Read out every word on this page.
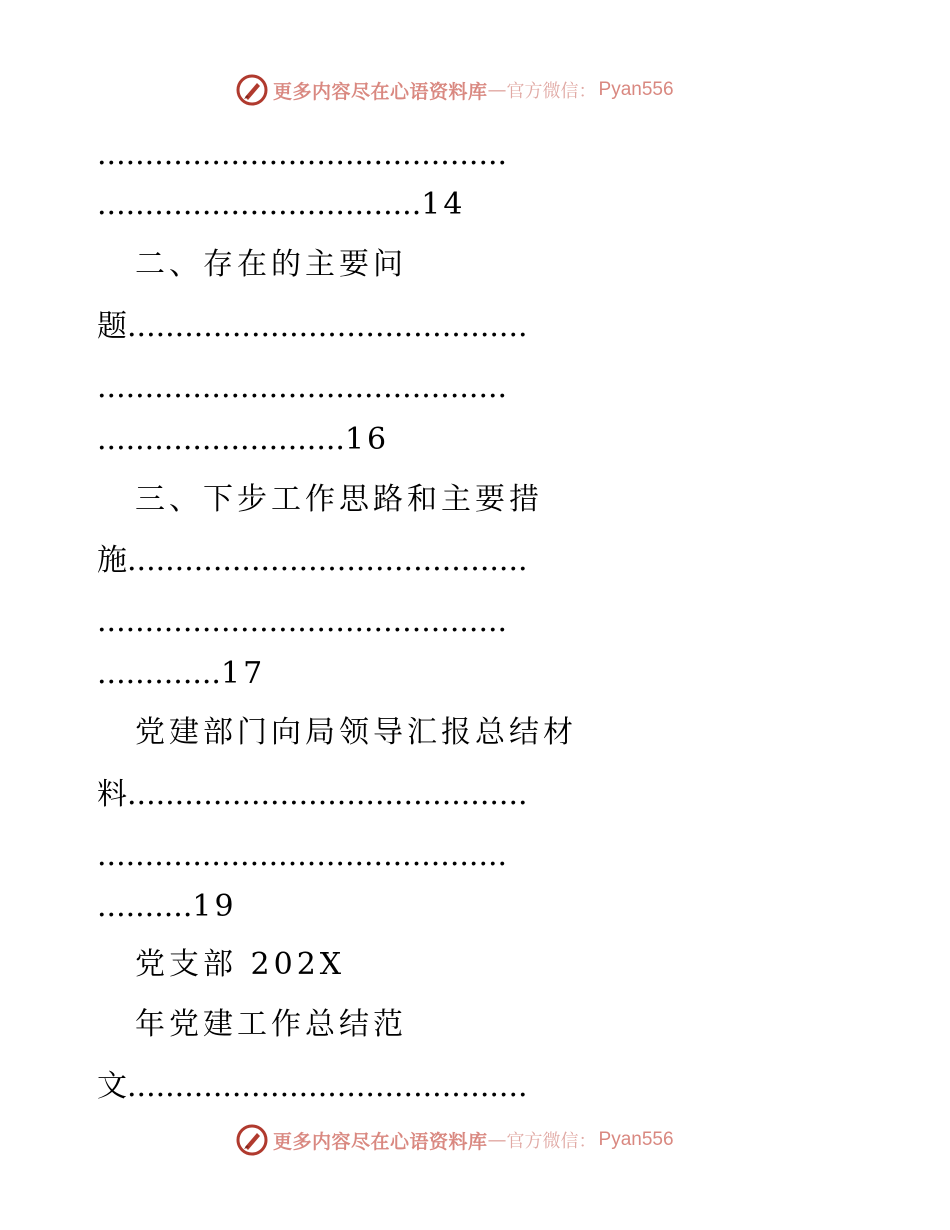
更多内容尽在心语资料库 — 官方微信： Pyan556
...........................................
..................................14
二、存在的主要问
题..........................................
...........................................
..........................16
三、下步工作思路和主要措
施..........................................
...........................................
.............17
党建部门向局领导汇报总结材
料..........................................
...........................................
..........19
党支部 202X
年党建工作总结范
文..........................................
更多内容尽在心语资料库 — 官方微信： Pyan556
